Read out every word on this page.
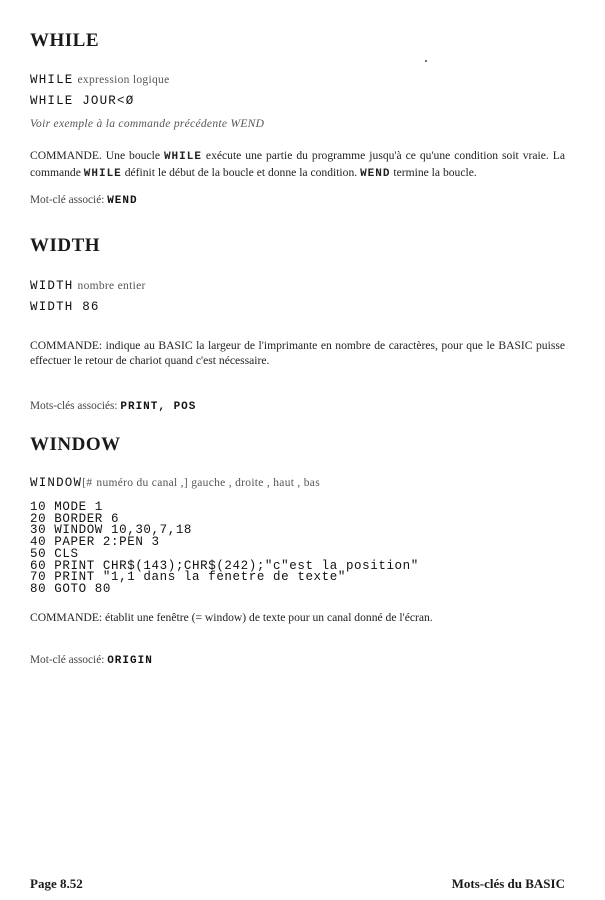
WHILE
WHILE expression logique
WHILE JOUR<Ø
Voir exemple à la commande précédente WEND
COMMANDE. Une boucle WHILE exécute une partie du programme jusqu'à ce qu'une condition soit vraie. La commande WHILE définit le début de la boucle et donne la condition. WEND termine la boucle.
Mot-clé associé: WEND
WIDTH
WIDTH nombre entier
WIDTH 86
COMMANDE: indique au BASIC la largeur de l'imprimante en nombre de caractères, pour que le BASIC puisse effectuer le retour de chariot quand c'est nécessaire.
Mots-clés associés: PRINT, POS
WINDOW
WINDOW[# numéro du canal ,] gauche , droite , haut , bas
10 MODE 1
20 BORDER 6
30 WINDOW 10,30,7,18
40 PAPER 2:PEN 3
50 CLS
60 PRINT CHR$(143);CHR$(242);"c"est la position"
70 PRINT "1,1 dans la fenetre de texte"
80 GOTO 80
COMMANDE: établit une fenêtre (= window) de texte pour un canal donné de l'écran.
Mot-clé associé: ORIGIN
Page 8.52	Mots-clés du BASIC
